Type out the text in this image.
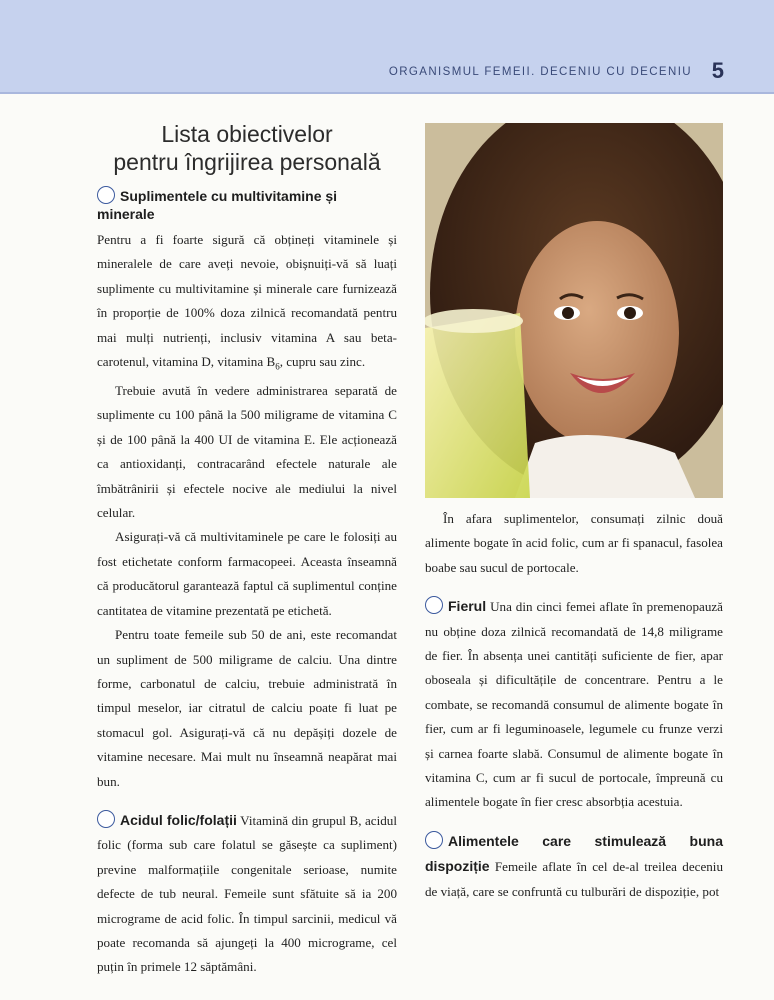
ORGANISMUL FEMEII. DECENIU CU DECENIU 5
Lista obiectivelor
pentru îngrijirea personală
Suplimentele cu multivitamine și minerale

Pentru a fi foarte sigură că obțineți vitaminele și mineralele de care aveți nevoie, obișnuiți-vă să luați suplimente cu multivitamine și minerale care furnizează în proporție de 100% doza zilnică recomandată pentru mai mulți nutrienți, inclusiv vitamina A sau beta-carotenul, vitamina D, vitamina $B_6$, cupru sau zinc.

Trebuie avută în vedere administrarea separată de suplimente cu 100 până la 500 miligrame de vitamina C și de 100 până la 400 UI de vitamina E. Ele acționează ca antioxidanți, contracarând efectele naturale ale îmbătrânirii și efectele nocive ale mediului la nivel celular.

Asigurați-vă că multivitaminele pe care le folosiți au fost etichetate conform farmacopeei. Aceasta înseamnă că producătorul garantează faptul că suplimentul conține cantitatea de vitamine prezentată pe etichetă.

Pentru toate femeile sub 50 de ani, este recomandat un supliment de 500 miligrame de calciu. Una dintre forme, carbonatul de calciu, trebuie administrată în timpul meselor, iar citratul de calciu poate fi luat pe stomacul gol. Asigurați-vă că nu depășiți dozele de vitamine necesare. Mai mult nu înseamnă neapărat mai bun.

Acidul folic/folații Vitamină din grupul B, acidul folic (forma sub care folatul se găsește ca supliment) previne malformațiile congenitale serioase, numite defecte de tub neural. Femeile sunt sfătuite să ia 200 micrograme de acid folic. În timpul sarcinii, medicul vă poate recomanda să ajungeți la 400 micrograme, cel puțin în primele 12 săptămâni.

În afara suplimentelor, consumați zilnic două alimente bogate în acid folic, cum ar fi spanacul, fasolea boabe sau sucul de portocale.

Fierul Una din cinci femei aflate în premenopauză nu obține doza zilnică recomandată de 14,8 miligrame de fier. În absența unei cantități suficiente de fier, apar oboseala și dificultățile de concentrare. Pentru a le combate, se recomandă consumul de alimente bogate în fier, cum ar fi leguminoasele, legumele cu frunze verzi și carnea foarte slabă. Consumul de alimente bogate în vitamina C, cum ar fi sucul de portocale, împreună cu alimentele bogate în fier cresc absorbția acestuia.

Alimentele care stimulează buna dispoziție Femeile aflate în cel de-al treilea deceniu de viață, care se confruntă cu tulburări de dispoziție, pot
